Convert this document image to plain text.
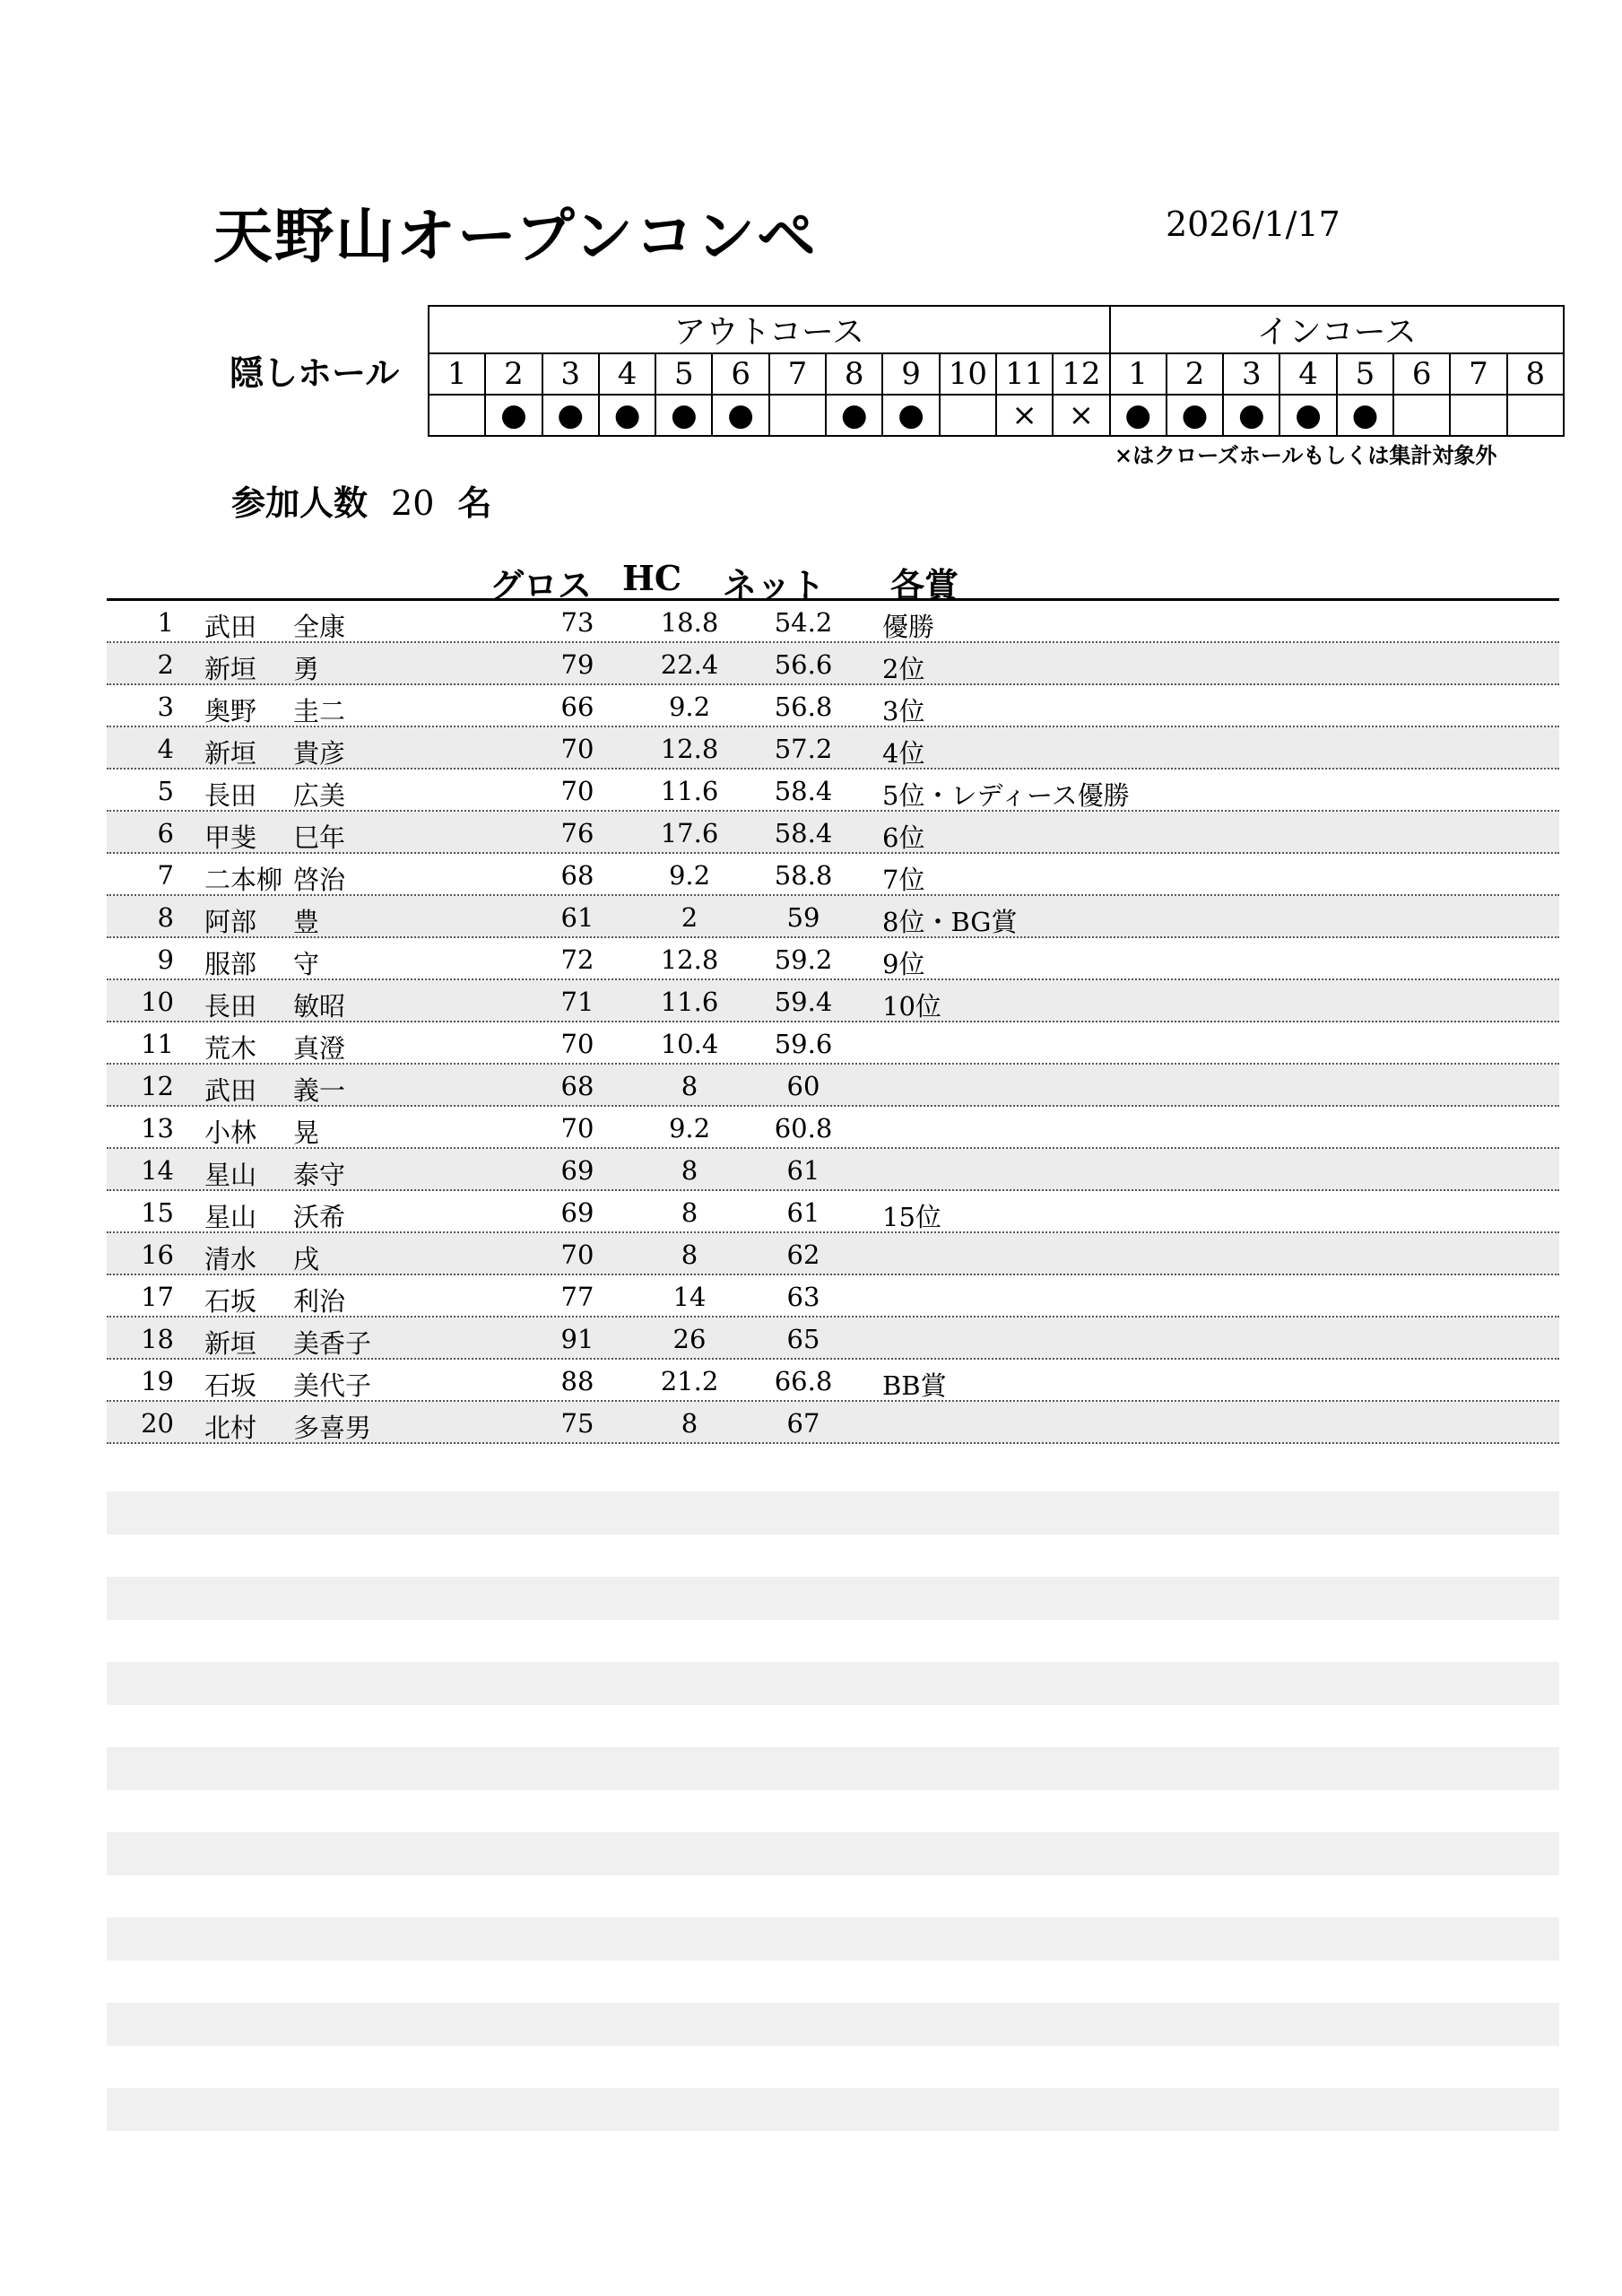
天野山オープンコンペ	2026/1/17
隠しホール
アウトコース												インコース							
1	2	3	4	5	6	7	8	9	10	11	12	1	2	3	4	5	6	7	8
	●	●	●	●	●		●	●		×	×	●	●	●	●	●			
×はクローズホールもしくは集計対象外
参加人数 20 名
グロス HC ネット 各賞
1 武田 全康	73	18.8 54.2 優勝
2 新垣 勇	79	22.4 56.6 2位
3 奥野 圭二	66	9.2	56.8 3位
4 新垣 貴彦	70	12.8 57.2 4位
5 長田 広美	70	11.6 58.4 5位・レディース優勝
6 甲斐 巳年	76	17.6 58.4 6位
7 二本柳 啓治	68	9.2	58.8 7位
8 阿部 豊	61	2	59	8位・BG賞
9 服部 守	72	12.8 59.2 9位
10 長田 敏昭	71	11.6 59.4 10位
11 荒木 真澄	70	10.4 59.6
12 武田 義一	68	8	60
13 小林 晃	70	9.2	60.8
14 星山 泰守	69	8	61
15 星山 沃希	69	8	61	15位
16 清水 戌	70	8	62
17 石坂 利治	77	14	63
18 新垣 美香子	91	26	65
19 石坂 美代子	88	21.2 66.8 BB賞
20 北村 多喜男	75	8	67
